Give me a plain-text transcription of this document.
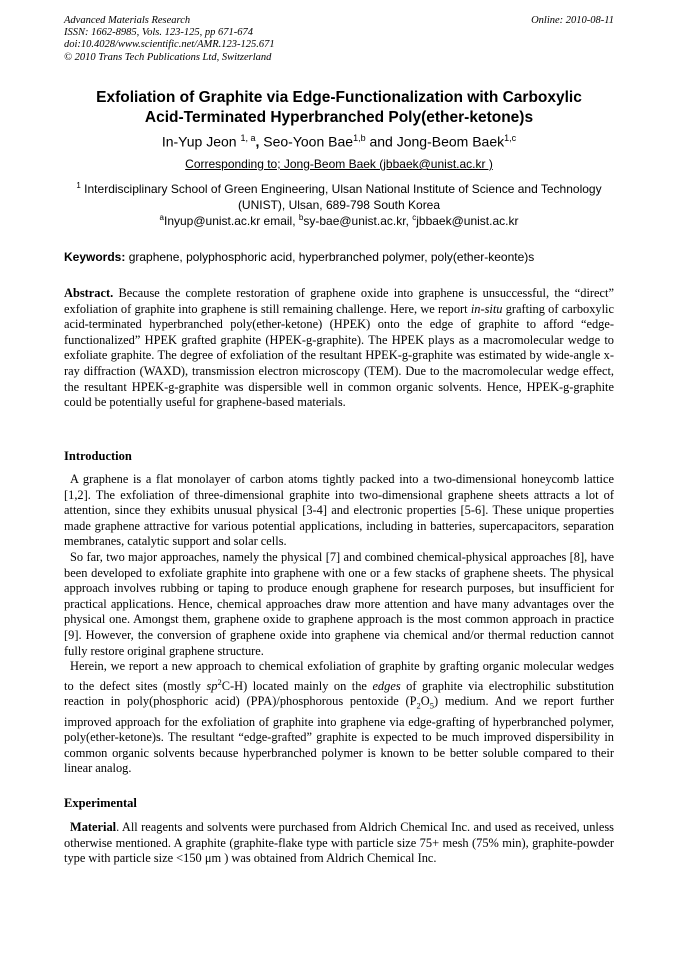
Advanced Materials Research
ISSN: 1662-8985, Vols. 123-125, pp 671-674
doi:10.4028/www.scientific.net/AMR.123-125.671
© 2010 Trans Tech Publications Ltd, Switzerland
Online: 2010-08-11
Exfoliation of Graphite via Edge-Functionalization with Carboxylic
Acid-Terminated Hyperbranched Poly(ether-ketone)s
In-Yup Jeon $^{1, a}$, Seo-Yoon Bae$^{1,b}$ and Jong-Beom Baek$^{1,c}$
Corresponding to; Jong-Beom Baek (jbbaek@unist.ac.kr )
$^1$ Interdisciplinary School of Green Engineering, Ulsan National Institute of Science and Technology (UNIST), Ulsan, 689-798 South Korea
$^a$Inyup@unist.ac.kr email, $^b$sy-bae@unist.ac.kr, $^c$jbbaek@unist.ac.kr
Keywords: graphene, polyphosphoric acid, hyperbranched polymer, poly(ether-keonte)s

Abstract. Because the complete restoration of graphene oxide into graphene is unsuccessful, the “direct” exfoliation of graphite into graphene is still remaining challenge. Here, we report in-situ grafting of carboxylic acid-terminated hyperbranched poly(ether-ketone) (HPEK) onto the edge of graphite to afford “edge-functionalized” HPEK grafted graphite (HPEK-g-graphite). The HPEK plays as a macromolecular wedge to exfoliate graphite. The degree of exfoliation of the resultant HPEK-g-graphite was estimated by wide-angle x-ray diffraction (WAXD), transmission electron microscopy (TEM). Due to the macromolecular wedge effect, the resultant HPEK-g-graphite was dispersible well in common organic solvents. Hence, HPEK-g-graphite could be potentially useful for graphene-based materials.

Introduction

A graphene is a flat monolayer of carbon atoms tightly packed into a two-dimensional honeycomb lattice [1,2]. The exfoliation of three-dimensional graphite into two-dimensional graphene sheets attracts a lot of attention, since they exhibits unusual physical [3-4] and electronic properties [5-6]. These unique properties made graphene attractive for various potential applications, including in batteries, supercapacitors, separation membranes, catalytic support and solar cells.

So far, two major approaches, namely the physical [7] and combined chemical-physical approaches [8], have been developed to exfoliate graphite into graphene with one or a few stacks of graphene sheets. The physical approach involves rubbing or taping to produce enough graphene for research purposes, but insufficient for practical applications. Hence, chemical approaches draw more attention and have many advantages over the physical one. Amongst them, graphene oxide to graphene approach is the most common approach in practice [9]. However, the conversion of graphene oxide into graphene via chemical and/or thermal reduction cannot fully restore original graphene structure.

Herein, we report a new approach to chemical exfoliation of graphite by grafting organic molecular wedges to the defect sites (mostly $sp^2C-H$) located mainly on the edges of graphite via electrophilic substitution reaction in poly(phosphoric acid) (PPA)/phosphorous pentoxide $(P_2O_5)$ medium. And we report further improved approach for the exfoliation of graphite into graphene via edge-grafting of hyperbranched polymer, poly(ether-ketone)s. The resultant “edge-grafted” graphite is expected to be much improved dispersibility in common organic solvents because hyperbranched polymer is known to be better soluble compared to their linear analog.

Experimental

Material. All reagents and solvents were purchased from Aldrich Chemical Inc. and used as received, unless otherwise mentioned. A graphite (graphite-flake type with particle size 75+ mesh (75% min), graphite-powder type with particle size <150 μm ) was obtained from Aldrich Chemical Inc.
